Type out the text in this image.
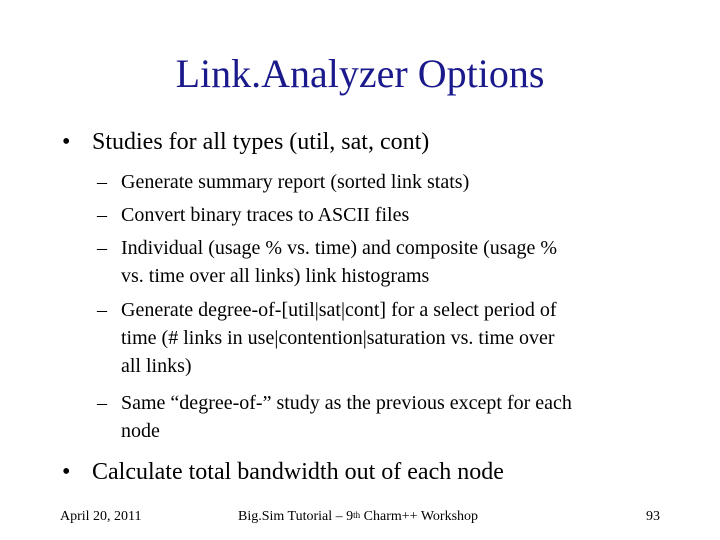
Link.Analyzer Options
• Studies for all types (util, sat, cont)
– Generate summary report (sorted link stats)
– Convert binary traces to ASCII files
– Individual (usage % vs. time) and composite (usage %
vs. time over all links) link histograms
– Generate degree-of-[util|sat|cont] for a select period of
time (# links in use|contention|saturation vs. time over
all links)
– Same “degree-of-” study as the previous except for each
node
• Calculate total bandwidth out of each node
April 20, 2011	Big.Sim Tutorial – 9th Charm++ Workshop	93
